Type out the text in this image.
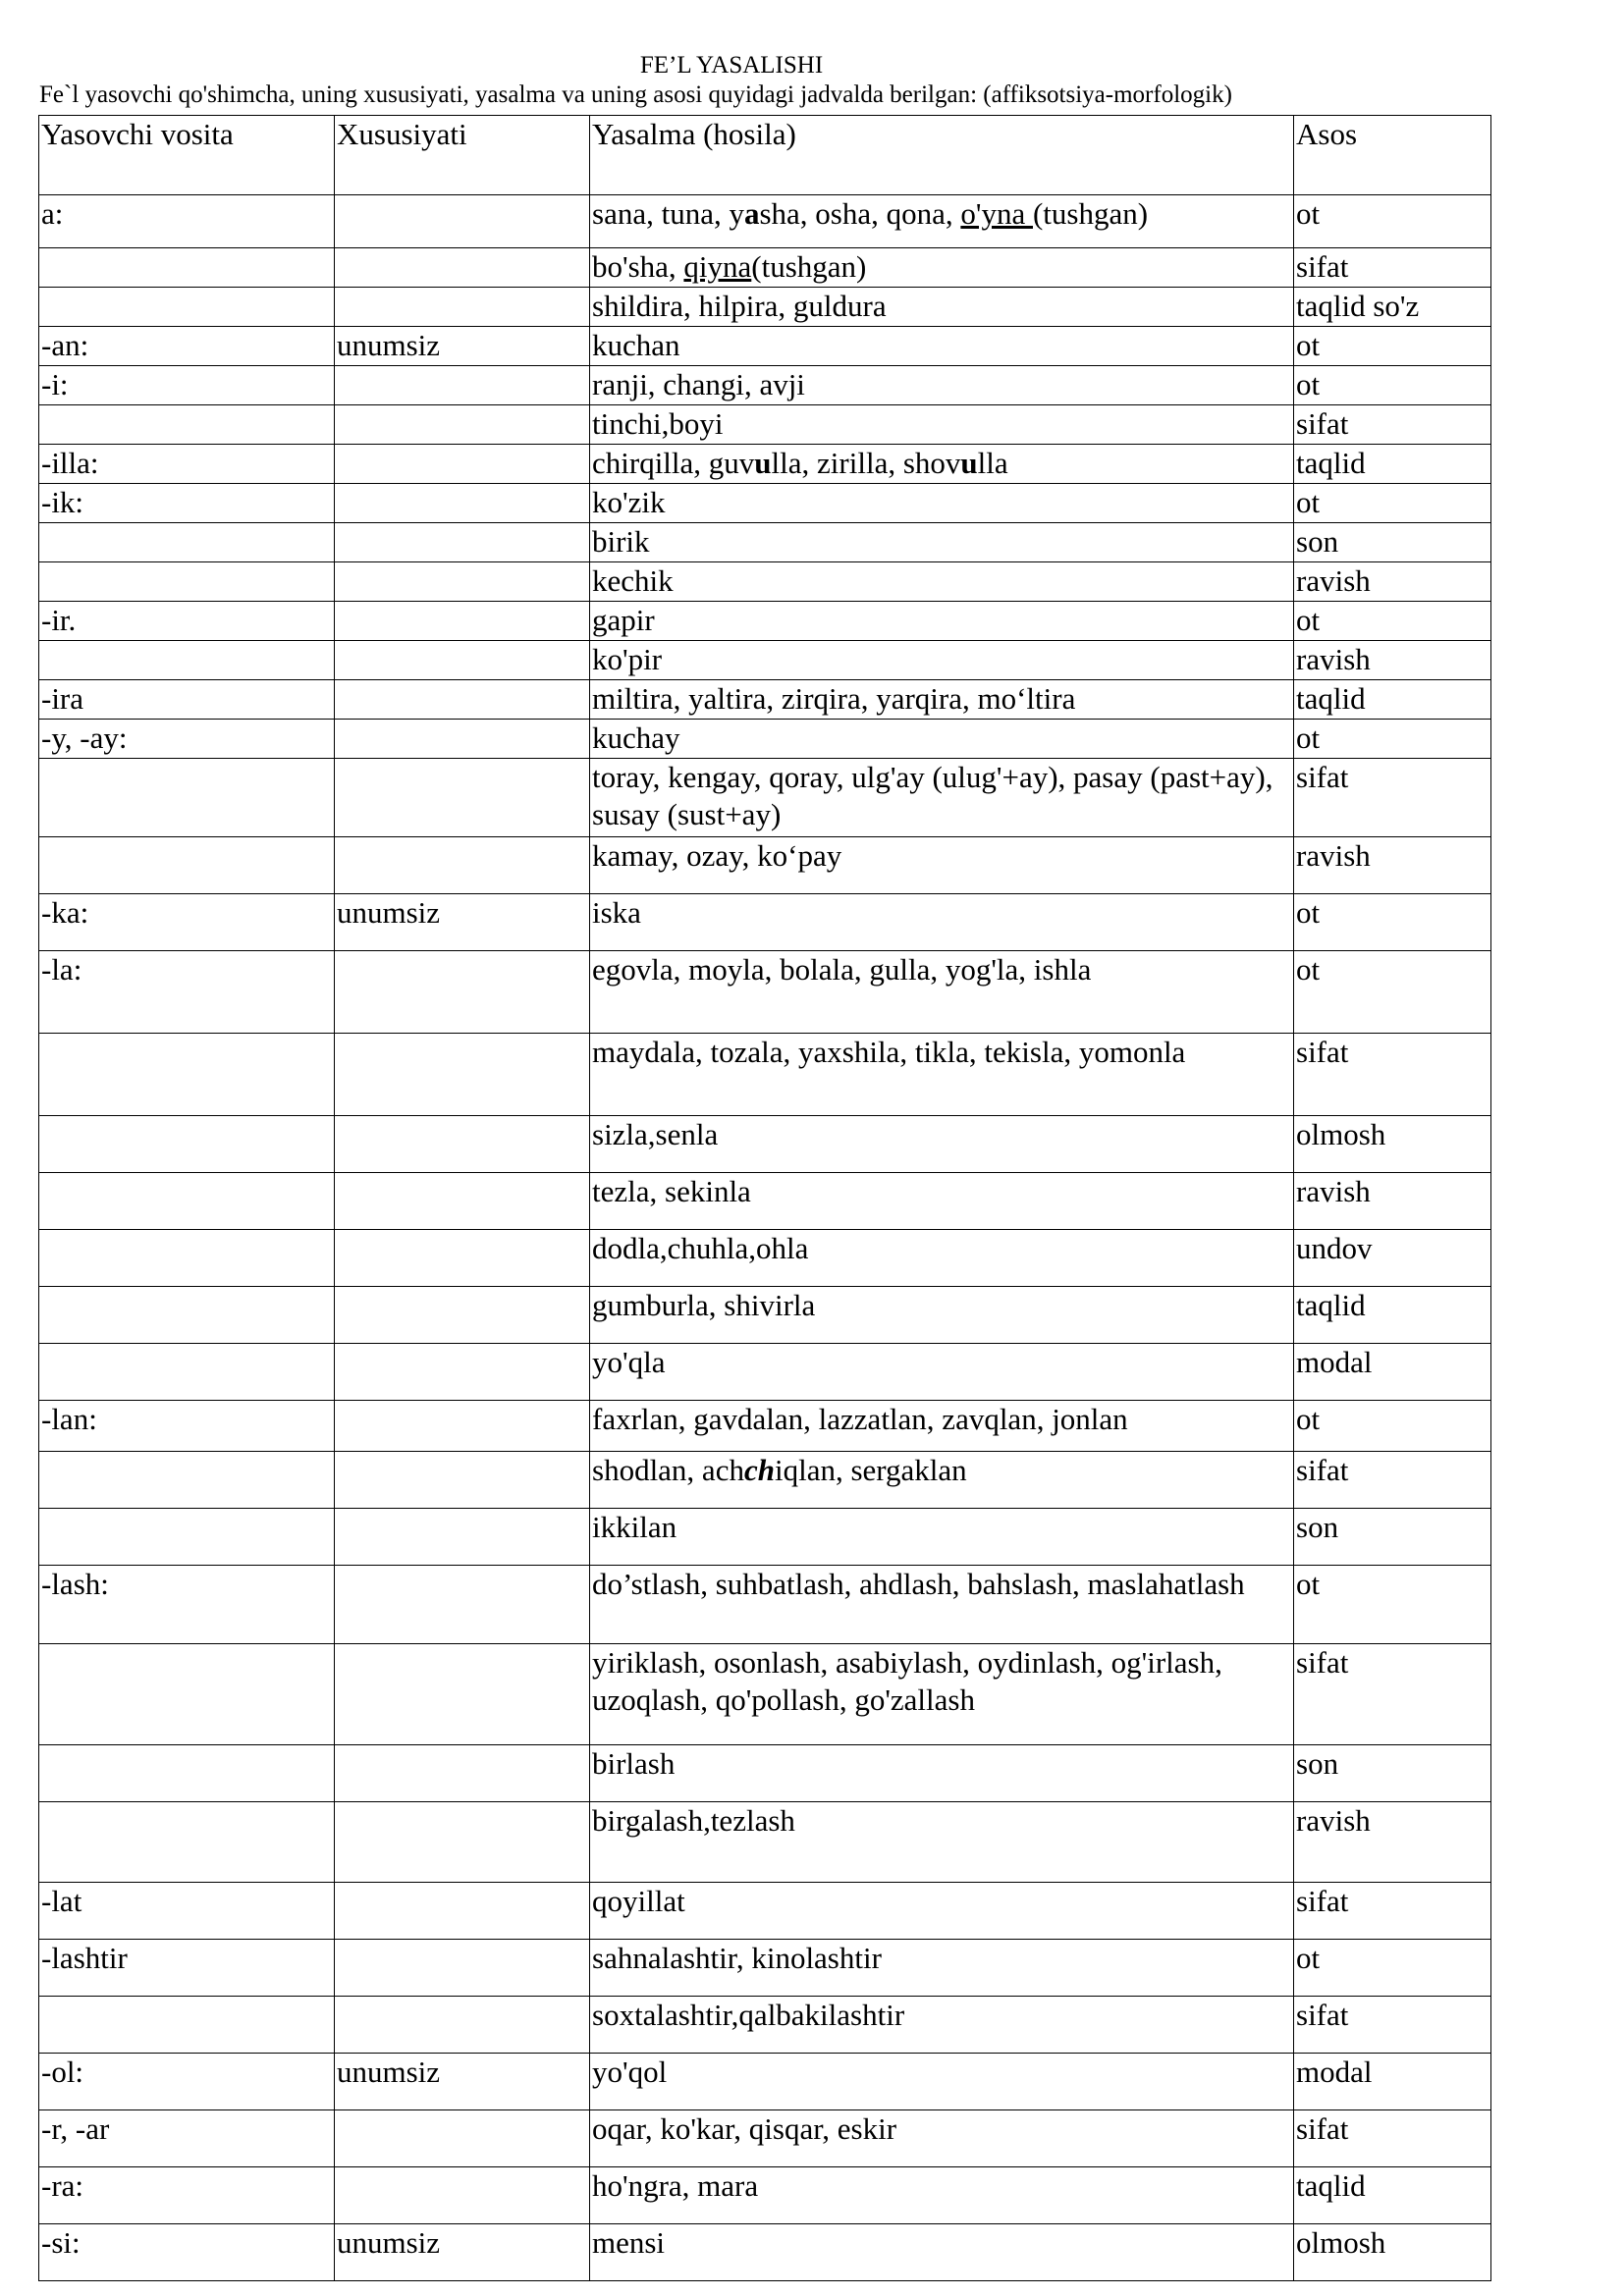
FE’L YASALISHI
Fe`l yasovchi qo'shimcha, uning xususiyati, yasalma va uning asosi quyidagi jadvalda berilgan: (affiksotsiya-morfologik)
Yasovchi vosita	Xususiyati	Yasalma (hosila)	Asos
a:		sana, tuna, yasha, osha, qona, o'yna (tushgan)	ot
		bo'sha, qiyna(tushgan)	sifat
		shildira, hilpira, guldura	taqlid so'z
-an:	unumsiz	kuchan	ot
-i:		ranji, changi, avji	ot
		tinchi,boyi	sifat
-illa:		chirqilla, guvulla, zirilla, shovulla	taqlid
-ik:		ko'zik	ot
		birik	son
		kechik	ravish
-ir.		gapir	ot
		ko'pir	ravish
-ira		miltira, yaltira, zirqira, yarqira, mo‘ltira	taqlid
-y, -ay:		kuchay	ot
		toray, kengay, qoray, ulg'ay (ulug'+ay), pasay (past+ay), susay (sust+ay)	sifat
		kamay, ozay, ko‘pay	ravish
-ka:	unumsiz	iska	ot
-la:		egovla, moyla, bolala, gulla, yog'la, ishla	ot
		maydala, tozala, yaxshila, tikla, tekisla, yomonla	sifat
		sizla,senla	olmosh
		tezla, sekinla	ravish
		dodla,chuhla,ohla	undov
		gumburla, shivirla	taqlid
		yo'qla	modal
-lan:		faxrlan, gavdalan, lazzatlan, zavqlan, jonlan	ot
		shodlan, achchiqlan, sergaklan	sifat
		ikkilan	son
-lash:		do’stlash, suhbatlash, ahdlash, bahslash, maslahatlash	ot
		yiriklash, osonlash, asabiylash, oydinlash, og'irlash, uzoqlash, qo'pollash, go'zallash	sifat
		birlash	son
		birgalash,tezlash	ravish
-lat		qoyillat	sifat
-lashtir		sahnalashtir, kinolashtir	ot
		soxtalashtir,qalbakilashtir	sifat
-ol:	unumsiz	yo'qol	modal
-r, -ar		oqar, ko'kar, qisqar, eskir	sifat
-ra:		ho'ngra, mara	taqlid
-si:	unumsiz	mensi	olmosh
